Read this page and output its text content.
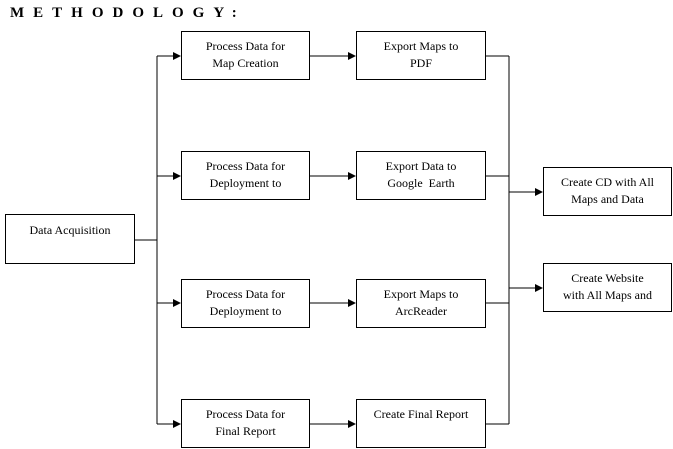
METHODOLOGY:
Data Acquisition
Process Data for
Map Creation
Process Data for
Deployment to
Process Data for
Deployment to
Process Data for
Final Report
Export Maps to
PDF
Export Data to
Google  Earth
Export Maps to
ArcReader
Create Final Report
Create CD with All
Maps and Data
Create Website
with All Maps and
